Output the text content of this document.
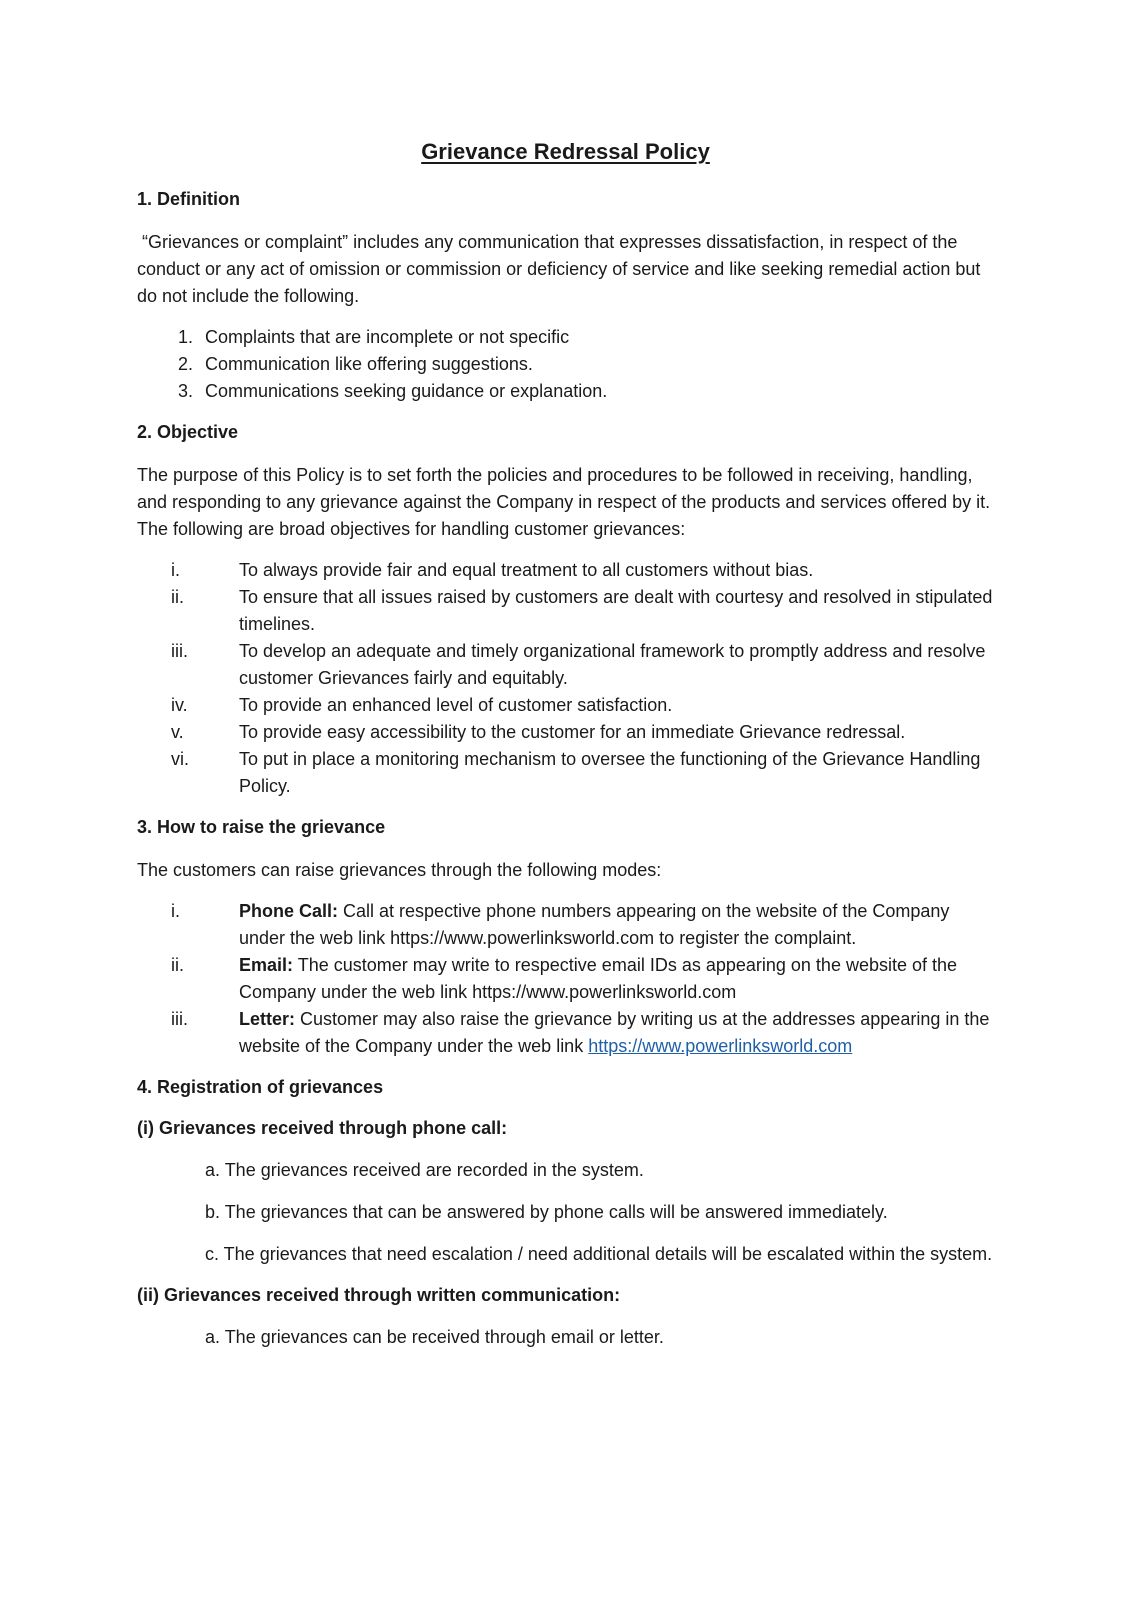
Grievance Redressal Policy
1. Definition

“Grievances or complaint” includes any communication that expresses dissatisfaction, in respect of the conduct or any act of omission or commission or deficiency of service and like seeking remedial action but do not include the following.

1. Complaints that are incomplete or not specific
2. Communication like offering suggestions.
3. Communications seeking guidance or explanation.
2. Objective

The purpose of this Policy is to set forth the policies and procedures to be followed in receiving, handling, and responding to any grievance against the Company in respect of the products and services offered by it. The following are broad objectives for handling customer grievances:

i.	To always provide fair and equal treatment to all customers without bias.
ii.	To ensure that all issues raised by customers are dealt with courtesy and resolved in stipulated timelines.
iii.	To develop an adequate and timely organizational framework to promptly address and resolve customer Grievances fairly and equitably.
iv.	To provide an enhanced level of customer satisfaction.
v.	To provide easy accessibility to the customer for an immediate Grievance redressal.
vi.	To put in place a monitoring mechanism to oversee the functioning of the Grievance Handling Policy.
3. How to raise the grievance

The customers can raise grievances through the following modes:

i.	Phone Call: Call at respective phone numbers appearing on the website of the Company under the web link https://www.powerlinksworld.com to register the complaint.
ii.	Email: The customer may write to respective email IDs as appearing on the website of the Company under the web link https://www.powerlinksworld.com
iii.	Letter: Customer may also raise the grievance by writing us at the addresses appearing in the website of the Company under the web link https://www.powerlinksworld.com
4. Registration of grievances
(i) Grievances received through phone call:

a. The grievances received are recorded in the system.

b. The grievances that can be answered by phone calls will be answered immediately.

c. The grievances that need escalation / need additional details will be escalated within the system.

(ii) Grievances received through written communication:

a. The grievances can be received through email or letter.
